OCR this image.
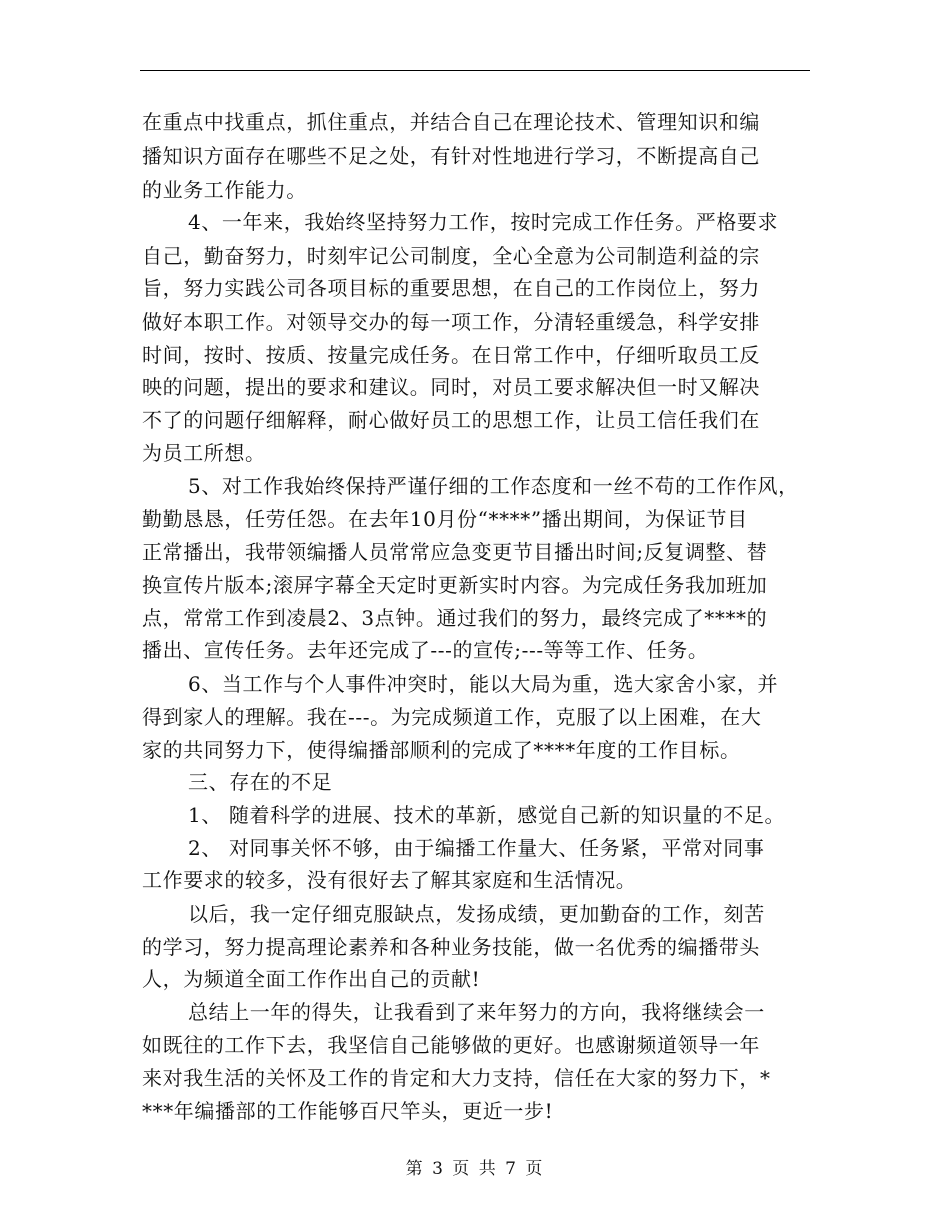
在重点中找重点，抓住重点，并结合自己在理论技术、管理知识和编
播知识方面存在哪些不足之处，有针对性地进行学习，不断提高自己
的业务工作能力。
4、一年来，我始终坚持努力工作，按时完成工作任务。严格要求
自己，勤奋努力，时刻牢记公司制度，全心全意为公司制造利益的宗
旨，努力实践公司各项目标的重要思想，在自己的工作岗位上，努力
做好本职工作。对领导交办的每一项工作，分清轻重缓急，科学安排
时间，按时、按质、按量完成任务。在日常工作中，仔细听取员工反
映的问题，提出的要求和建议。同时，对员工要求解决但一时又解决
不了的问题仔细解释，耐心做好员工的思想工作，让员工信任我们在
为员工所想。
5、对工作我始终保持严谨仔细的工作态度和一丝不苟的工作作风，
勤勤恳恳，任劳任怨。在去年10月份“****”播出期间，为保证节目
正常播出，我带领编播人员常常应急变更节目播出时间;反复调整、替
换宣传片版本;滚屏字幕全天定时更新实时内容。为完成任务我加班加
点，常常工作到凌晨2、3点钟。通过我们的努力，最终完成了****的
播出、宣传任务。去年还完成了---的宣传;---等等工作、任务。
6、当工作与个人事件冲突时，能以大局为重，选大家舍小家，并
得到家人的理解。我在---。为完成频道工作，克服了以上困难，在大
家的共同努力下，使得编播部顺利的完成了****年度的工作目标。
三、存在的不足
1、 随着科学的进展、技术的革新，感觉自己新的知识量的不足。
2、 对同事关怀不够，由于编播工作量大、任务紧，平常对同事
工作要求的较多，没有很好去了解其家庭和生活情况。
以后，我一定仔细克服缺点，发扬成绩，更加勤奋的工作，刻苦
的学习，努力提高理论素养和各种业务技能，做一名优秀的编播带头
人，为频道全面工作作出自己的贡献!
总结上一年的得失，让我看到了来年努力的方向，我将继续会一
如既往的工作下去，我坚信自己能够做的更好。也感谢频道领导一年
来对我生活的关怀及工作的肯定和大力支持，信任在大家的努力下，*
***年编播部的工作能够百尺竿头，更近一步!
第 3 页 共 7 页
